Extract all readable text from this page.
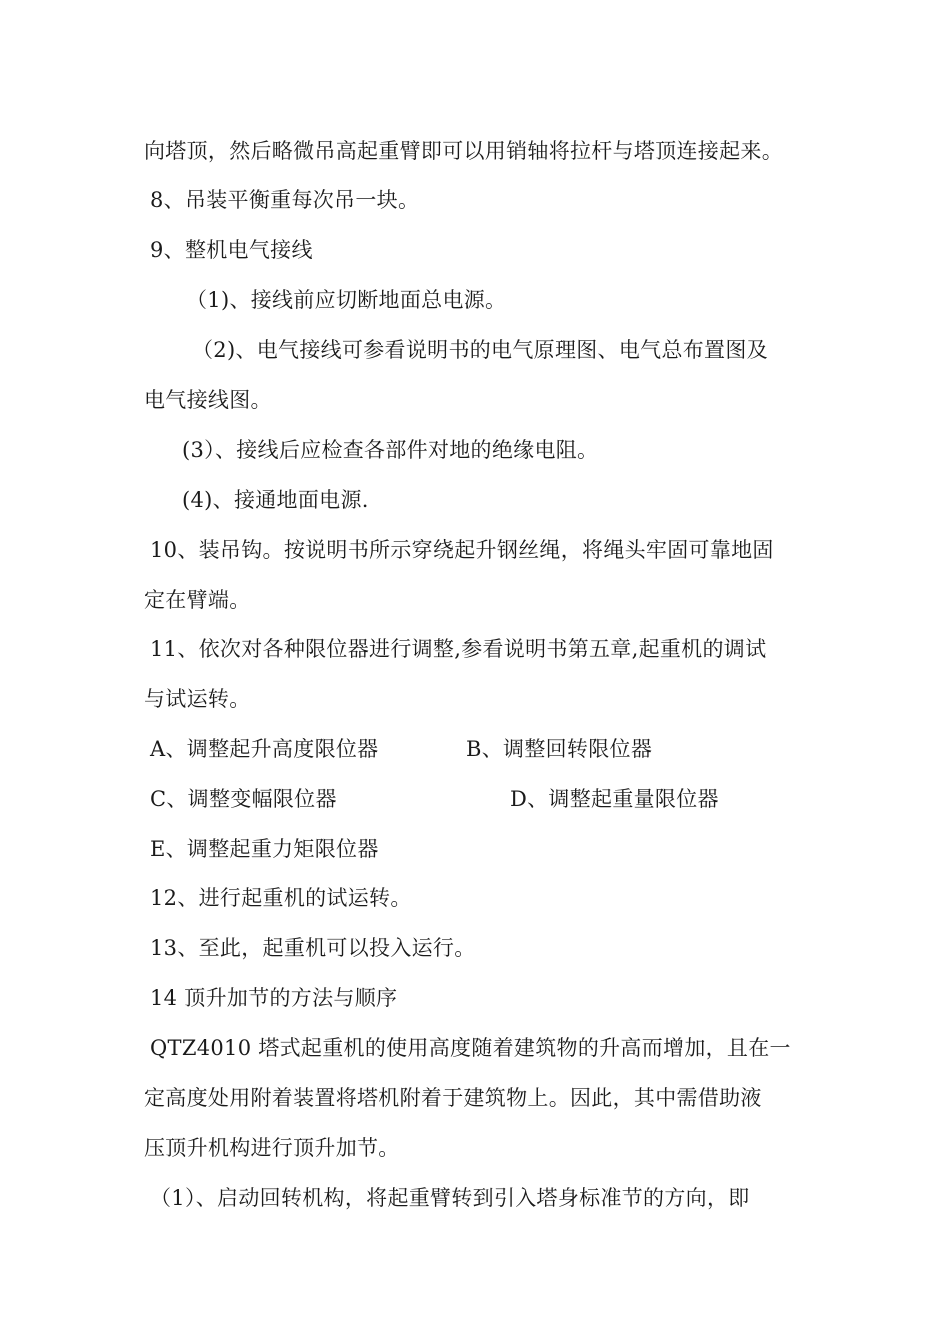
向塔顶，然后略微吊高起重臂即可以用销轴将拉杆与塔顶连接起来。
8、吊装平衡重每次吊一块。
9、整机电气接线
（1)、接线前应切断地面总电源。
（2)、电气接线可参看说明书的电气原理图、电气总布置图及
电气接线图。
(3）、接线后应检查各部件对地的绝缘电阻。
(4)、接通地面电源.
10、装吊钩。按说明书所示穿绕起升钢丝绳，将绳头牢固可靠地固
定在臂端。
11、依次对各种限位器进行调整,参看说明书第五章,起重机的调试
与试运转。
A、调整起升高度限位器	B、调整回转限位器
C、调整变幅限位器	D、调整起重量限位器
E、调整起重力矩限位器
12、进行起重机的试运转。
13、至此，起重机可以投入运行。
14 顶升加节的方法与顺序
QTZ4010 塔式起重机的使用高度随着建筑物的升高而增加，且在一
定高度处用附着装置将塔机附着于建筑物上。因此，其中需借助液
压顶升机构进行顶升加节。
（1）、启动回转机构，将起重臂转到引入塔身标准节的方向，即
